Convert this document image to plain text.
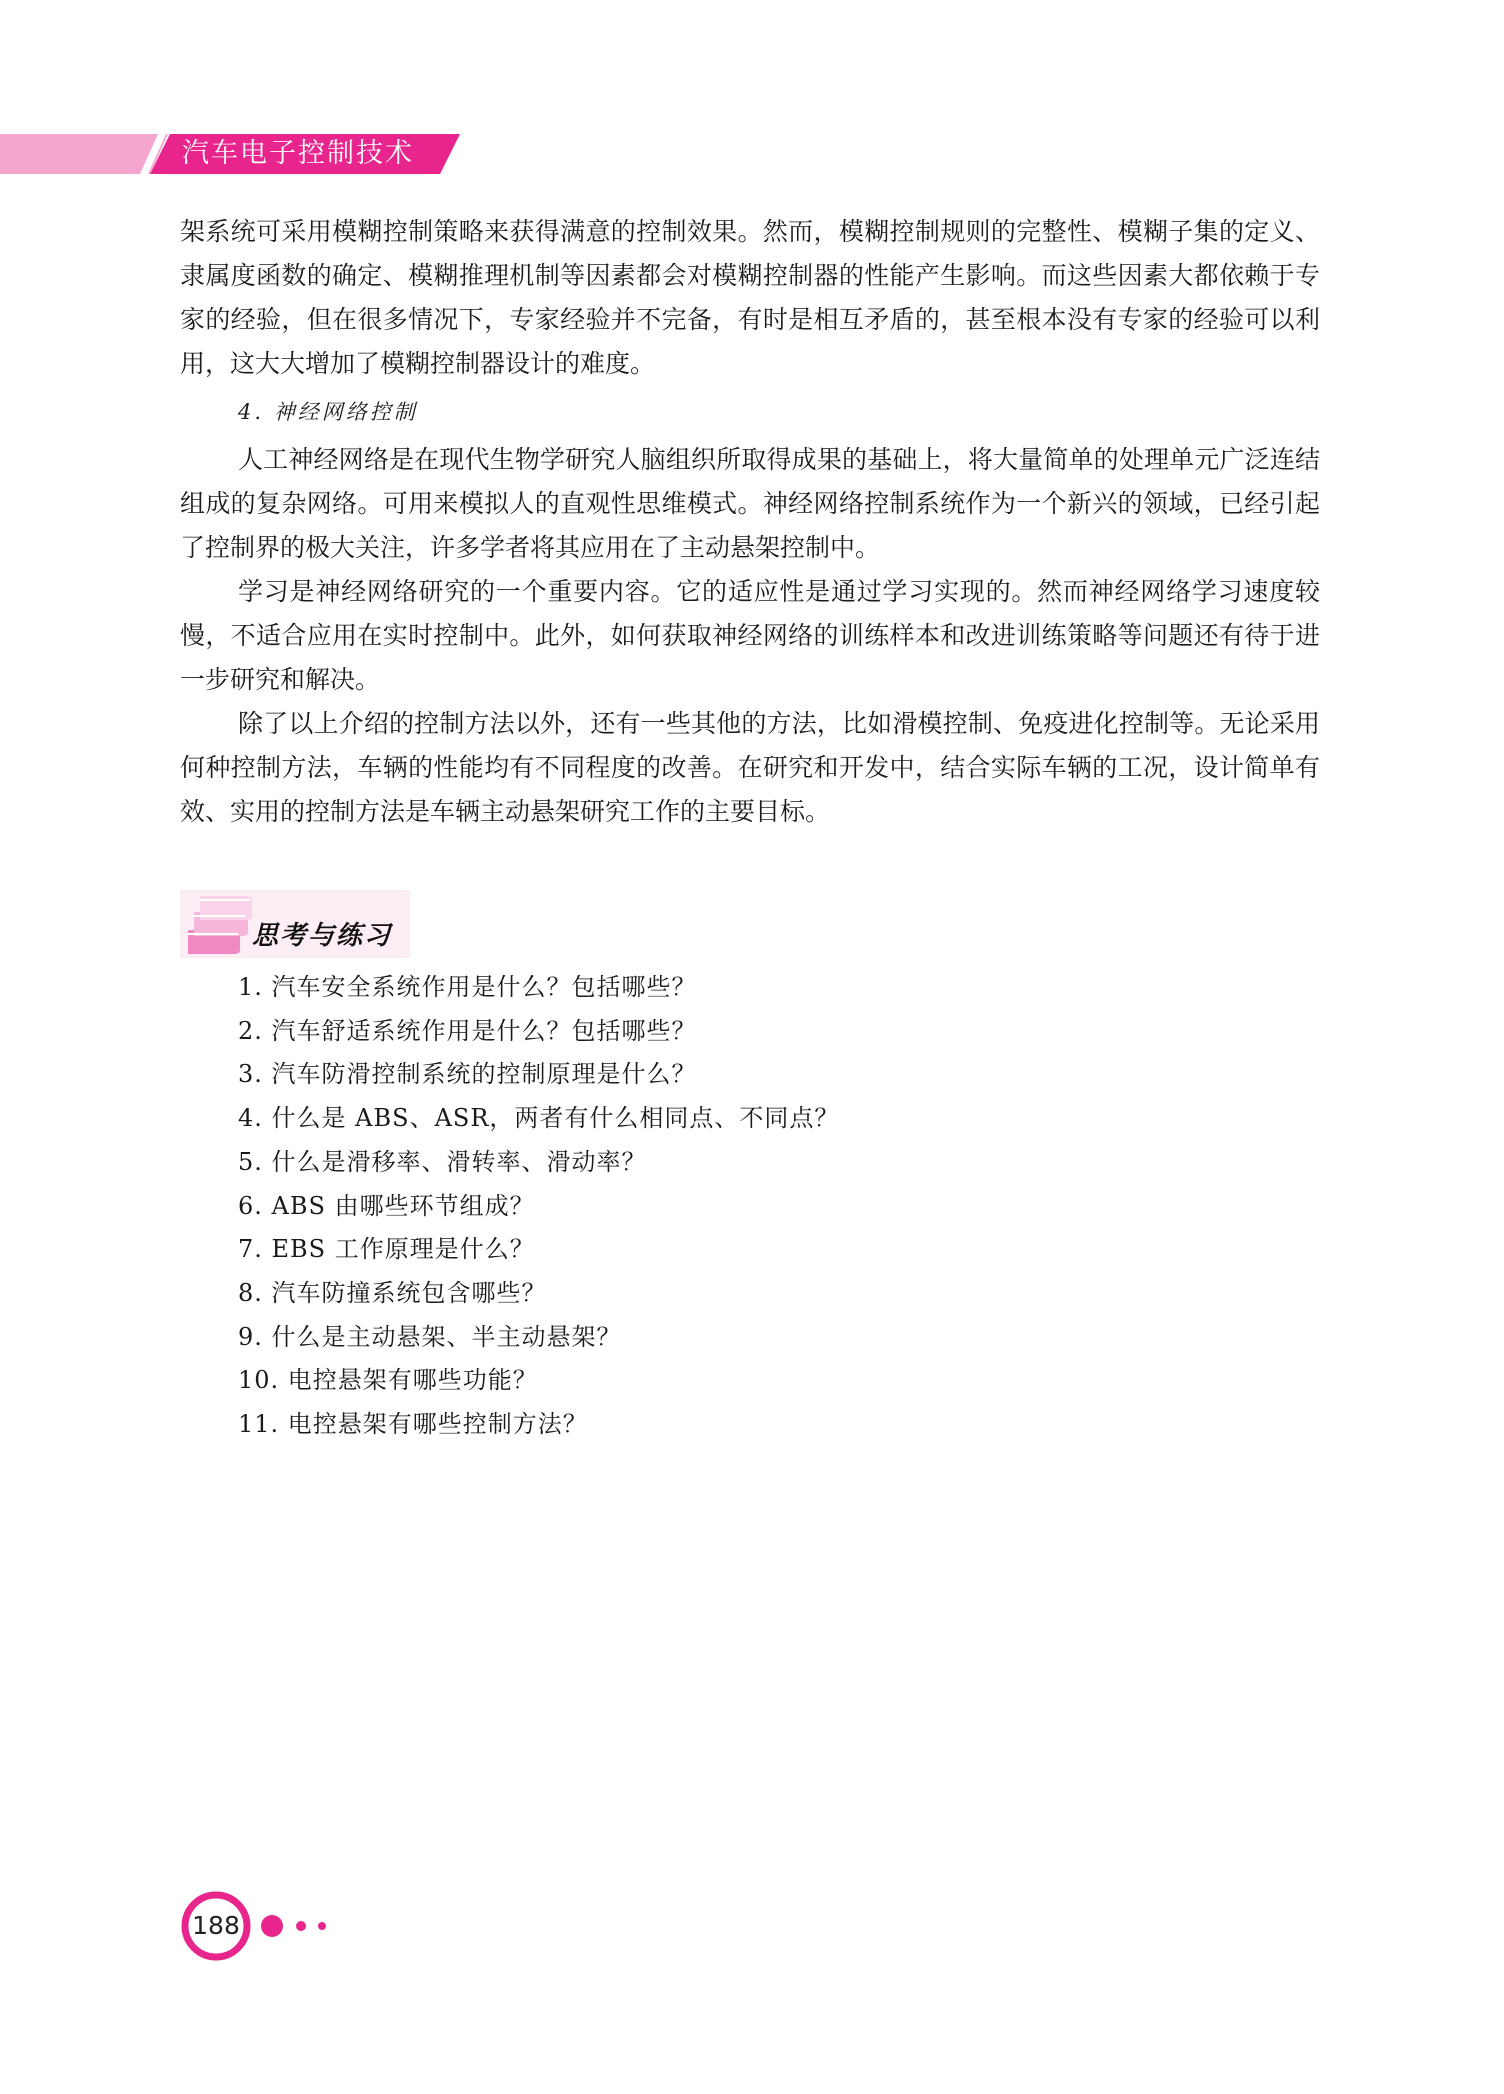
汽车电子控制技术

架系统可采用模糊控制策略来获得满意的控制效果。然而，模糊控制规则的完整性、模糊子集的定义、隶属度函数的确定、模糊推理机制等因素都会对模糊控制器的性能产生影响。而这些因素大都依赖于专家的经验，但在很多情况下，专家经验并不完备，有时是相互矛盾的，甚至根本没有专家的经验可以利用，这大大增加了模糊控制器设计的难度。

4. 神经网络控制

人工神经网络是在现代生物学研究人脑组织所取得成果的基础上，将大量简单的处理单元广泛连结组成的复杂网络。可用来模拟人的直观性思维模式。神经网络控制系统作为一个新兴的领域，已经引起了控制界的极大关注，许多学者将其应用在了主动悬架控制中。

学习是神经网络研究的一个重要内容。它的适应性是通过学习实现的。然而神经网络学习速度较慢，不适合应用在实时控制中。此外，如何获取神经网络的训练样本和改进训练策略等问题还有待于进一步研究和解决。

除了以上介绍的控制方法以外，还有一些其他的方法，比如滑模控制、免疫进化控制等。无论采用何种控制方法，车辆的性能均有不同程度的改善。在研究和开发中，结合实际车辆的工况，设计简单有效、实用的控制方法是车辆主动悬架研究工作的主要目标。

思考与练习
1. 汽车安全系统作用是什么？包括哪些？
2. 汽车舒适系统作用是什么？包括哪些？
3. 汽车防滑控制系统的控制原理是什么？
4. 什么是 ABS、ASR，两者有什么相同点、不同点？
5. 什么是滑移率、滑转率、滑动率？
6. ABS 由哪些环节组成？
7. EBS 工作原理是什么？
8. 汽车防撞系统包含哪些？
9. 什么是主动悬架、半主动悬架？
10. 电控悬架有哪些功能？
11. 电控悬架有哪些控制方法？
188
